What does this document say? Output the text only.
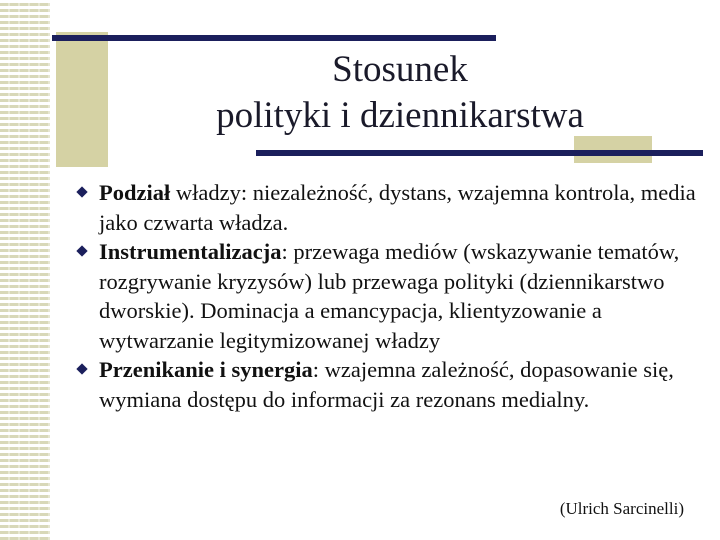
Stosunek
polityki i dziennikarstwa
Podział władzy: niezależność, dystans, wzajemna kontrola, media jako czwarta władza.
Instrumentalizacja: przewaga mediów (wskazywanie tematów, rozgrywanie kryzysów) lub przewaga polityki (dziennikarstwo dworskie). Dominacja a emancypacja, klientyzowanie a wytwarzanie legitymizowanej władzy
Przenikanie i synergia: wzajemna zależność, dopasowanie się, wymiana dostępu do informacji za rezonans medialny.
(Ulrich Sarcinelli)
